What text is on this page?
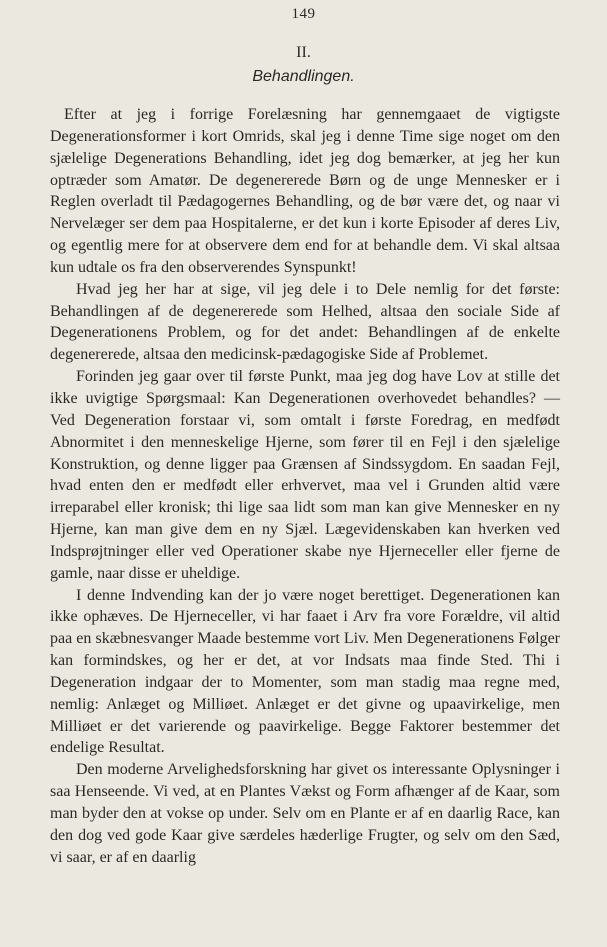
149
II.
Behandlingen.

Efter at jeg i forrige Forelæsning har gennemgaaet de vigtigste Degenerationsformer i kort Omrids, skal jeg i denne Time sige noget om den sjælelige Degenerations Behandling, idet jeg dog bemærker, at jeg her kun optræder som Amatør. De degenererede Børn og de unge Mennesker er i Reglen overladt til Pædagogernes Behandling, og de bør være det, og naar vi Nervelæger ser dem paa Hospitalerne, er det kun i korte Episoder af deres Liv, og egentlig mere for at observere dem end for at behandle dem. Vi skal altsaa kun udtale os fra den observerendes Synspunkt!

Hvad jeg her har at sige, vil jeg dele i to Dele nemlig for det første: Behandlingen af de degenererede som Helhed, altsaa den sociale Side af Degenerationens Problem, og for det andet: Behandlingen af de enkelte degenererede, altsaa den medicinsk-pædagogiske Side af Problemet.

Forinden jeg gaar over til første Punkt, maa jeg dog have Lov at stille det ikke uvigtige Spørgsmaal: Kan Degenerationen overhovedet behandles? — Ved Degeneration forstaar vi, som omtalt i første Foredrag, en medfødt Abnormitet i den menneskelige Hjerne, som fører til en Fejl i den sjælelige Konstruktion, og denne ligger paa Grænsen af Sindssygdom. En saadan Fejl, hvad enten den er medfødt eller erhvervet, maa vel i Grunden altid være irreparabel eller kronisk; thi lige saa lidt som man kan give Mennesker en ny Hjerne, kan man give dem en ny Sjæl. Lægevidenskaben kan hverken ved Indsprøjtninger eller ved Operationer skabe nye Hjerneceller eller fjerne de gamle, naar disse er uheldige.

I denne Indvending kan der jo være noget berettiget. Degenerationen kan ikke ophæves. De Hjerneceller, vi har faaet i Arv fra vore Forældre, vil altid paa en skæbnesvanger Maade bestemme vort Liv. Men Degenerationens Følger kan formindskes, og her er det, at vor Indsats maa finde Sted. Thi i Degeneration indgaar der to Momenter, som man stadig maa regne med, nemlig: Anlæget og Milliøet. Anlæget er det givne og upaavirkelige, men Milliøet er det varierende og paavirkelige. Begge Faktorer bestemmer det endelige Resultat.

Den moderne Arvelighedsforskning har givet os interessante Oplysninger i saa Henseende. Vi ved, at en Plantes Vækst og Form afhænger af de Kaar, som man byder den at vokse op under. Selv om en Plante er af en daarlig Race, kan den dog ved gode Kaar give særdeles hæderlige Frugter, og selv om den Sæd, vi saar, er af en daarlig
